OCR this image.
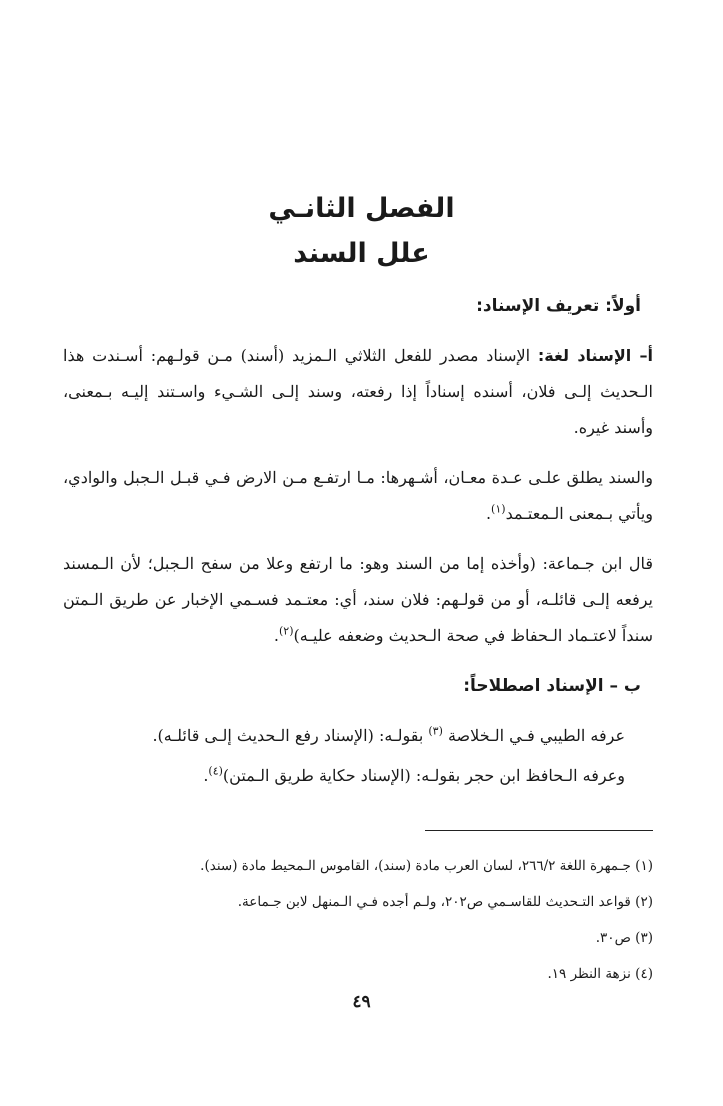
الفصل الثانـي
علل السند

أولاً: تعريف الإسناد:

أ– الإسناد لغة: الإسناد مصدر للفعل الثلاثي الـمزيد (أسند) مـن قولـهم: أسـندت هذا الـحديث إلـى فلان، أسنده إسناداً إذا رفعته، وسند إلـى الشـيء واسـتند إليـه بـمعنى، وأسند غيره.

والسند يطلق علـى عـدة معـان، أشـهرها: مـا ارتفـع مـن الارض فـي قبـل الـجبل والوادي، ويأتي بـمعنى الـمعتـمد$^{(١)}$.

قال ابن جـماعة: (وأخذه إما من السند وهو: ما ارتفع وعلا من سفح الـجبل؛ لأن الـمسند يرفعه إلـى قائلـه، أو من قولـهم: فلان سند، أي: معتـمد فسـمي الإخبار عن طريق الـمتن سنداً لاعتـماد الـحفاظ في صحة الـحديث وضعفه عليـه)$^{(٢)}$.

ب – الإسناد اصطلاحاً:

عرفه الطيبي فـي الـخلاصة $^{(٣)}$ بقولـه: (الإسناد رفع الـحديث إلـى قائلـه).

وعرفه الـحافظ ابن حجر بقولـه: (الإسناد حكاية طريق الـمتن)$^{(٤)}$.

(١) جـمهرة اللغة ٢٦٦/٢، لسان العرب مادة (سند)، القاموس الـمحيط مادة (سند).

(٢) قواعد التـحديث للقاسـمي ص٢٠٢، ولـم أجده فـي الـمنهل لابن جـماعة.

(٣) ص٣٠.

(٤) نزهة النظر ١٩.

٤٩
